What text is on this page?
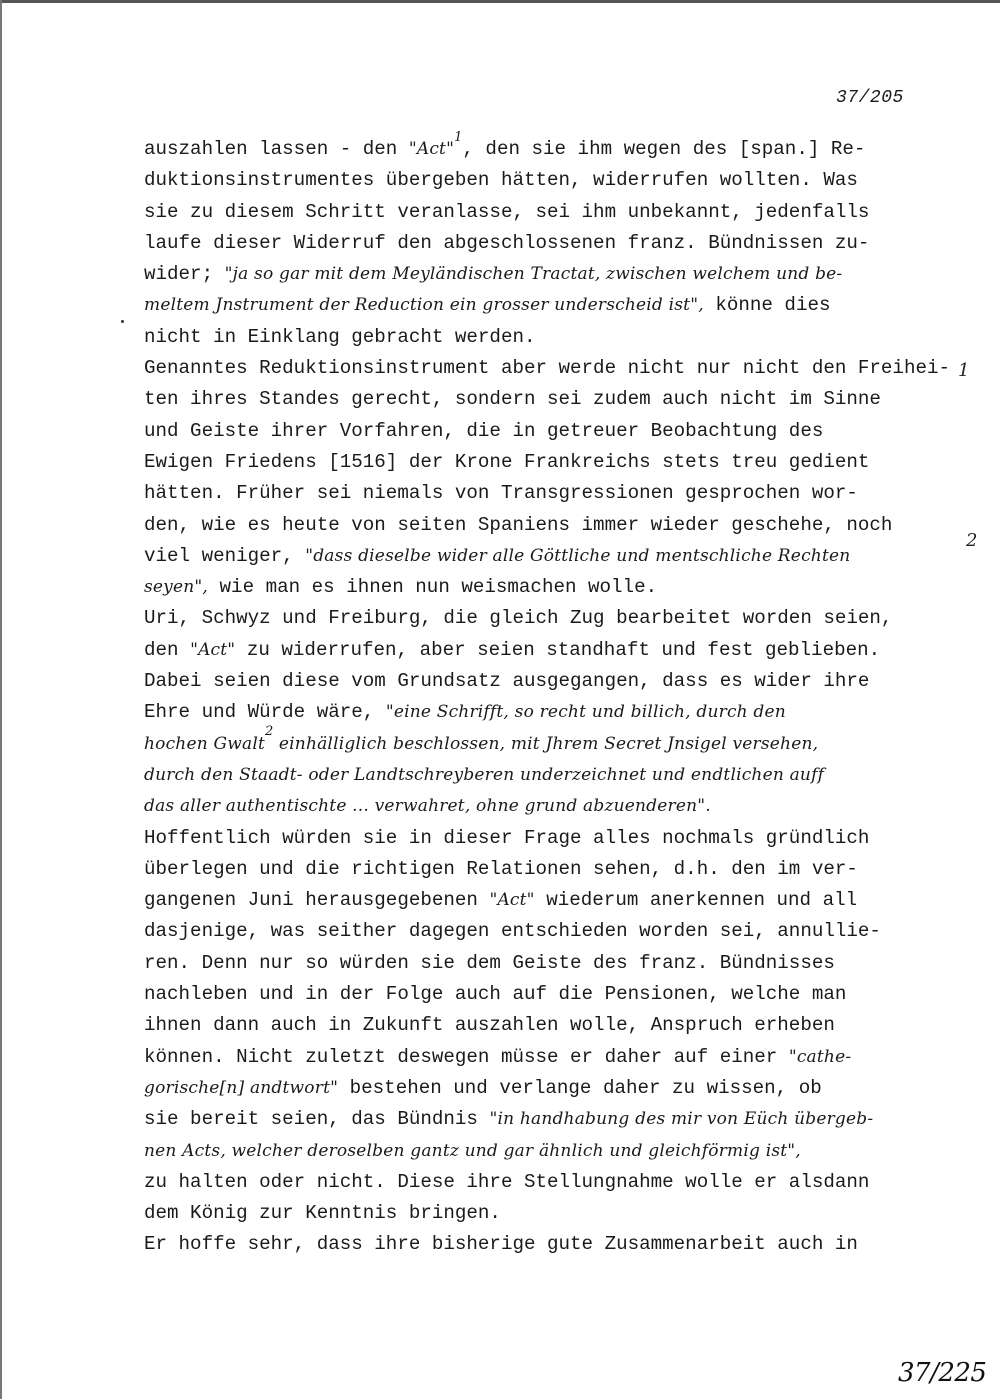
37/205
1
2
auszahlen lassen - den "Act"$^1$, den sie ihm wegen des [span.] Re-
duktionsinstrumentes übergeben hätten, widerrufen wollten. Was
sie zu diesem Schritt veranlasse, sei ihm unbekannt, jedenfalls
laufe dieser Widerruf den abgeschlossenen franz. Bündnissen zu-
wider; "ja so gar mit dem Meyländischen Tractat, zwischen welchem und be-
meltem Jnstrument der Reduction ein grosser underscheid ist", könne dies
nicht in Einklang gebracht werden.
Genanntes Reduktionsinstrument aber werde nicht nur nicht den Freihei-
ten ihres Standes gerecht, sondern sei zudem auch nicht im Sinne
und Geiste ihrer Vorfahren, die in getreuer Beobachtung des
Ewigen Friedens [1516] der Krone Frankreichs stets treu gedient
hätten. Früher sei niemals von Transgressionen gesprochen wor-
den, wie es heute von seiten Spaniens immer wieder geschehe, noch
viel weniger, "dass dieselbe wider alle Göttliche und mentschliche Rechten
seyen", wie man es ihnen nun weismachen wolle.
Uri, Schwyz und Freiburg, die gleich Zug bearbeitet worden seien,
den "Act" zu widerrufen, aber seien standhaft und fest geblieben.
Dabei seien diese vom Grundsatz ausgegangen, dass es wider ihre
Ehre und Würde wäre, "eine Schrifft, so recht und billich, durch den
hochen Gwalt$^2$ einhälliglich beschlossen, mit Jhrem Secret Jnsigel versehen,
durch den Staadt- oder Landtschreyberen underzeichnet und endtlichen auff
das aller authentischte ... verwahret, ohne grund abzuenderen".
Hoffentlich würden sie in dieser Frage alles nochmals gründlich
überlegen und die richtigen Relationen sehen, d.h. den im ver-
gangenen Juni herausgegebenen "Act" wiederum anerkennen und all
dasjenige, was seither dagegen entschieden worden sei, annullie-
ren. Denn nur so würden sie dem Geiste des franz. Bündnisses
nachleben und in der Folge auch auf die Pensionen, welche man
ihnen dann auch in Zukunft auszahlen wolle, Anspruch erheben
können. Nicht zuletzt deswegen müsse er daher auf einer "cathe-
gorische[n] andtwort" bestehen und verlange daher zu wissen, ob
sie bereit seien, das Bündnis "in handhabung des mir von Eüch übergeb-
nen Acts, welcher deroselben gantz und gar ähnlich und gleichförmig ist",
zu halten oder nicht. Diese ihre Stellungnahme wolle er alsdann
dem König zur Kenntnis bringen.
Er hoffe sehr, dass ihre bisherige gute Zusammenarbeit auch in
37/225
